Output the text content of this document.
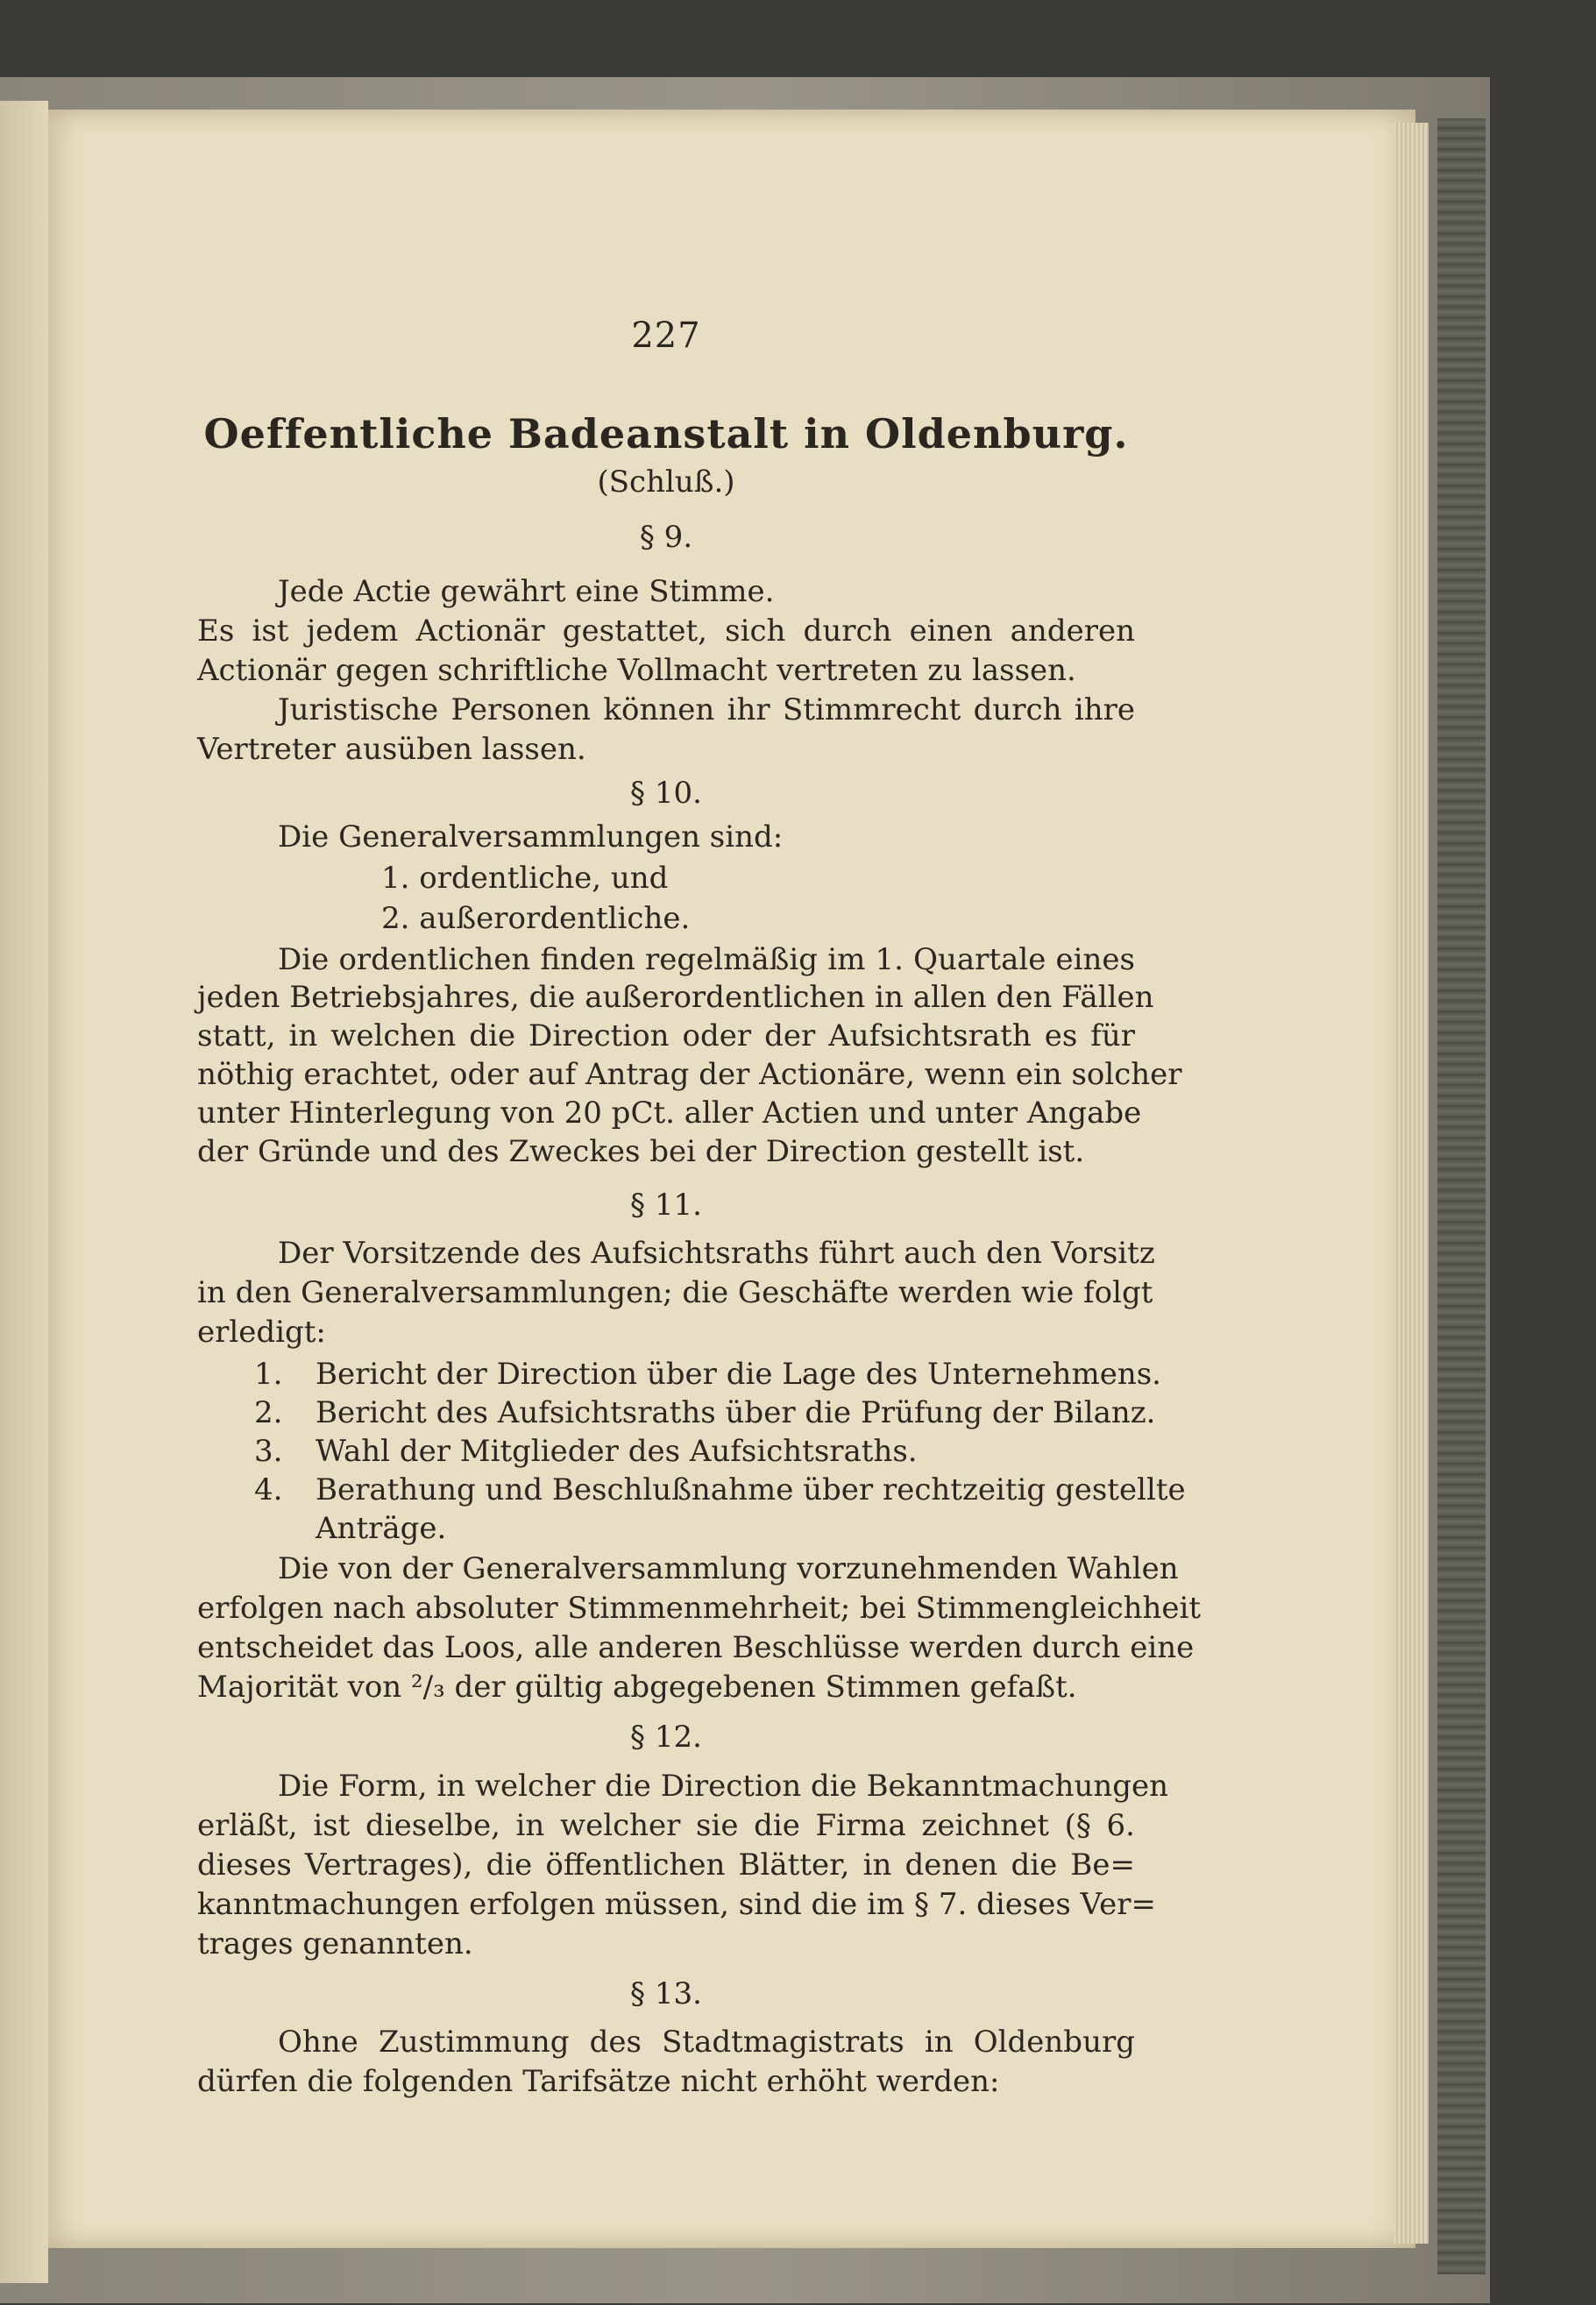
227
Oeffentliche Badeanstalt in Oldenburg.
(Schluß.)
§ 9.
Jede Actie gewährt eine Stimme.
Es ist jedem Actionär gestattet, sich durch einen anderen
Actionär gegen schriftliche Vollmacht vertreten zu lassen.
Juristische Personen können ihr Stimmrecht durch ihre
Vertreter ausüben lassen.
§ 10.
Die Generalversammlungen sind:
1. ordentliche, und
2. außerordentliche.
Die ordentlichen finden regelmäßig im 1. Quartale eines
jeden Betriebsjahres, die außerordentlichen in allen den Fällen
statt, in welchen die Direction oder der Aufsichtsrath es für
nöthig erachtet, oder auf Antrag der Actionäre, wenn ein solcher
unter Hinterlegung von 20 pCt. aller Actien und unter Angabe
der Gründe und des Zweckes bei der Direction gestellt ist.
§ 11.
Der Vorsitzende des Aufsichtsraths führt auch den Vorsitz
in den Generalversammlungen; die Geschäfte werden wie folgt
erledigt:
1. Bericht der Direction über die Lage des Unternehmens.
2. Bericht des Aufsichtsraths über die Prüfung der Bilanz.
3. Wahl der Mitglieder des Aufsichtsraths.
4. Berathung und Beschlußnahme über rechtzeitig gestellte
Anträge.
Die von der Generalversammlung vorzunehmenden Wahlen
erfolgen nach absoluter Stimmenmehrheit; bei Stimmengleichheit
entscheidet das Loos, alle anderen Beschlüsse werden durch eine
Majorität von ²/₃ der gültig abgegebenen Stimmen gefaßt.
§ 12.
Die Form, in welcher die Direction die Bekanntmachungen
erläßt, ist dieselbe, in welcher sie die Firma zeichnet (§ 6.
dieses Vertrages), die öffentlichen Blätter, in denen die Be=
kanntmachungen erfolgen müssen, sind die im § 7. dieses Ver=
trages genannten.
§ 13.
Ohne Zustimmung des Stadtmagistrats in Oldenburg
dürfen die folgenden Tarifsätze nicht erhöht werden:
